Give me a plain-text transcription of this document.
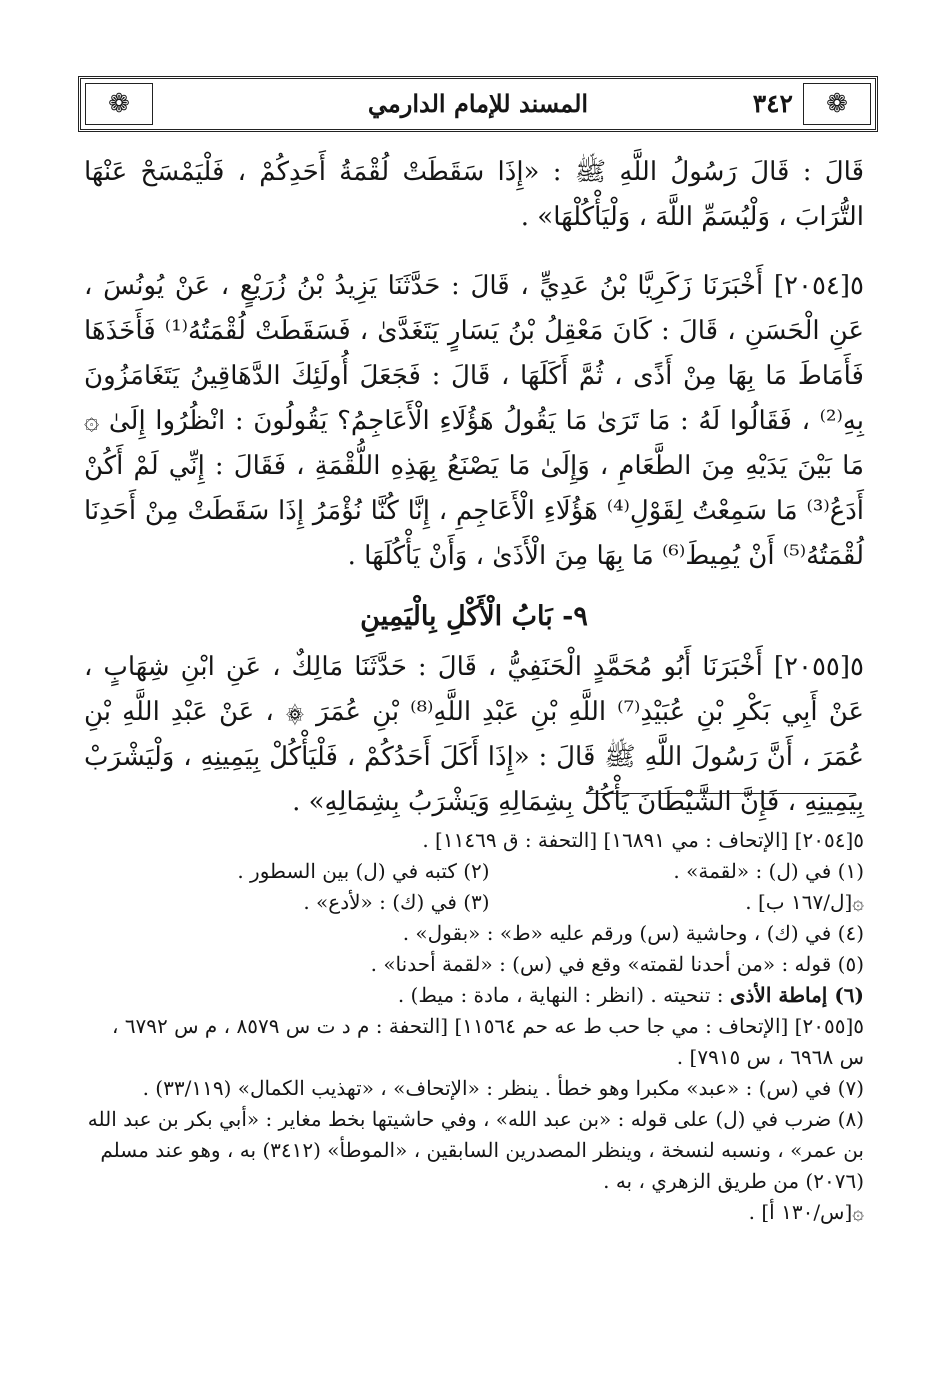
❁	❁
المسند للإمام الدارمي	٣٤٢

قَالَ : قَالَ رَسُولُ اللَّهِ ﷺ : «إِذَا سَقَطَتْ لُقْمَةُ أَحَدِكُمْ ، فَلْيَمْسَحْ عَنْهَا التُّرَابَ ، وَلْيُسَمِّ اللَّهَ ، وَلْيَأْكُلْهَا» .

٥[٢٠٥٤] أَخْبَرَنَا زَكَرِيَّا بْنُ عَدِيٍّ ، قَالَ : حَدَّثَنَا يَزِيدُ بْنُ زُرَيْعٍ ، عَنْ يُونُسَ ، عَنِ الْحَسَنِ ، قَالَ : كَانَ مَعْقِلُ بْنُ يَسَارٍ يَتَغَدَّىٰ ، فَسَقَطَتْ لُقْمَتُهُ⁽¹⁾ فَأَخَذَهَا فَأَمَاطَ مَا بِهَا مِنْ أَذًى ، ثُمَّ أَكَلَهَا ، قَالَ : فَجَعَلَ أُولَئِكَ الدَّهَاقِينُ يَتَغَامَزُونَ بِهِ⁽²⁾ ، فَقَالُوا لَهُ : مَا تَرَىٰ مَا يَقُولُ هَؤُلَاءِ الْأَعَاجِمُ؟ يَقُولُونَ : انْظُرُوا إِلَىٰ ۞ مَا بَيْنَ يَدَيْهِ مِنَ الطَّعَامِ ، وَإِلَىٰ مَا يَصْنَعُ بِهَذِهِ اللُّقْمَةِ ، فَقَالَ : إِنِّي لَمْ أَكُنْ أَدَعُ⁽³⁾ مَا سَمِعْتُ لِقَوْلِ⁽⁴⁾ هَؤُلَاءِ الْأَعَاجِمِ ، إِنَّا كُنَّا نُؤْمَرُ إِذَا سَقَطَتْ مِنْ أَحَدِنَا لُقْمَتُهُ⁽⁵⁾ أَنْ يُمِيطَ⁽⁶⁾ مَا بِهَا مِنَ الْأَذَىٰ ، وَأَنْ يَأْكُلَهَا .

٩- بَابُ الْأَكْلِ بِالْيَمِينِ

٥[٢٠٥٥] أَخْبَرَنَا أَبُو مُحَمَّدٍ الْحَنَفِيُّ ، قَالَ : حَدَّثَنَا مَالِكٌ ، عَنِ ابْنِ شِهَابٍ ، عَنْ أَبِي بَكْرِ بْنِ عُبَيْدِ⁽⁷⁾ اللَّهِ بْنِ عَبْدِ اللَّهِ⁽⁸⁾ بْنِ عُمَرَ ۞ ، عَنْ عَبْدِ اللَّهِ بْنِ عُمَرَ ، أَنَّ رَسُولَ اللَّهِ ﷺ قَالَ : «إِذَا أَكَلَ أَحَدُكُمْ ، فَلْيَأْكُلْ بِيَمِينِهِ ، وَلْيَشْرَبْ بِيَمِينِهِ ، فَإِنَّ الشَّيْطَانَ يَأْكُلُ بِشِمَالِهِ وَيَشْرَبُ بِشِمَالِهِ» .

٥[٢٠٥٤] [الإتحاف : مي ١٦٨٩١] [التحفة : ق ١١٤٦٩] .
(١) في (ل) : «لقمة» .
(٢) كتبه في (ل) بين السطور .
۞[ل/١٦٧ ب] .
(٣) في (ك) : «لأدع» .
(٤) في (ك) ، وحاشية (س) ورقم عليه «ط» : «بقول» .
(٥) قوله : «من أحدنا لقمته» وقع في (س) : «لقمة أحدنا» .
(٦) إماطة الأذى : تنحيته . (انظر : النهاية ، مادة : ميط) .
٥[٢٠٥٥] [الإتحاف : مي جا حب ط عه حم ١١٥٦٤] [التحفة : م د ت س ٨٥٧٩ ، م س ٦٧٩٢ ، س ٦٩٦٨ ، س ٧٩١٥] .
(٧) في (س) : «عبد» مكبرا وهو خطأ . ينظر : «الإتحاف» ، «تهذيب الكمال» (٣٣/١١٩) .
(٨) ضرب في (ل) على قوله : «بن عبد الله» ، وفي حاشيتها بخط مغاير : «أبي بكر بن عبد الله بن عمر» ، ونسبه لنسخة ، وينظر المصدرين السابقين ، «الموطأ» (٣٤١٢) به ، وهو عند مسلم (٢٠٧٦) من طريق الزهري ، به .
۞[س/١٣٠ أ] .
